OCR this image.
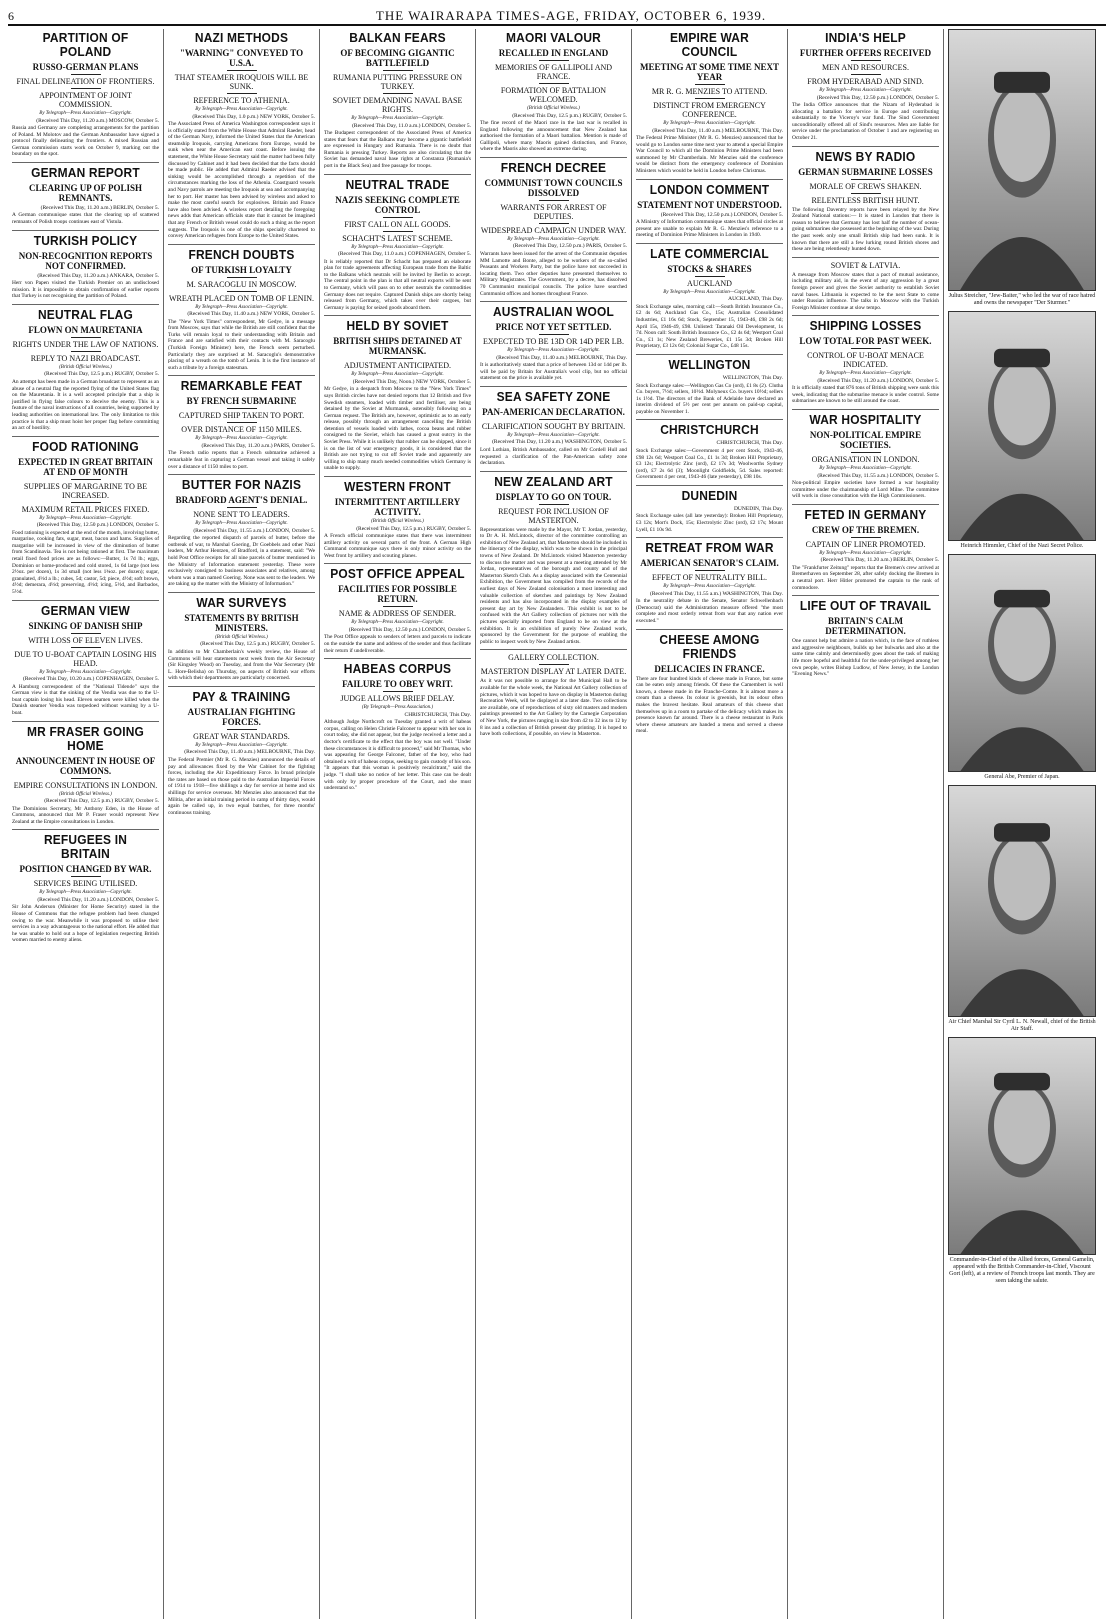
6	THE WAIRARAPA TIMES-AGE, FRIDAY, OCTOBER 6, 1939.
PARTITION OF POLAND
RUSSO-GERMAN PLANS
FINAL DELINEATION OF FRONTIERS.
APPOINTMENT OF JOINT COMMISSION.
By Telegraph—Press Association—Copyright.
(Received This Day, 11.20 a.m.) MOSCOW, October 5.
Russia and Germany are completing arrangements for the partition of Poland. M Molotov and the German Ambassador have signed a protocol finally delineating the frontiers. A mixed Russian and German commission starts work on October 9, marking out the boundary on the spot.
GERMAN REPORT
CLEARING UP OF POLISH REMNANTS.
(Received This Day, 11.20 a.m.) BERLIN, October 5.
A German communique states that the clearing up of scattered remnants of Polish troops continues east of Vistula.
TURKISH POLICY
NON-RECOGNITION REPORTS NOT CONFIRMED.
(Received This Day, 11.20 a.m.) ANKARA, October 5.
Herr von Papen visited the Turkish Premier on an undisclosed mission. It is impossible to obtain confirmation of earlier reports that Turkey is not recognising the partition of Poland.
NEUTRAL FLAG
FLOWN ON MAURETANIA
RIGHTS UNDER THE LAW OF NATIONS.
REPLY TO NAZI BROADCAST.
(British Official Wireless.)
(Received This Day, 12.5 p.m.) RUGBY, October 5.
An attempt has been made in a German broadcast to represent as an abuse of a neutral flag the reported flying of the United States flag on the Mauretania. It is a well accepted principle that a ship is justified in flying false colours to deceive the enemy. This is a feature of the naval instructions of all countries, being supported by leading authorities on international law. The only limitation to this practice is that a ship must hoist her proper flag before committing an act of hostility.
FOOD RATIONING
EXPECTED IN GREAT BRITAIN AT END OF MONTH
SUPPLIES OF MARGARINE TO BE INCREASED.
MAXIMUM RETAIL PRICES FIXED.
By Telegraph—Press Association—Copyright.
(Received This Day, 12.50 p.m.) LONDON, October 5.
Food rationing is expected at the end of the month, involving butter, margarine, cooking fats, sugar, meat, bacon and hams. Supplies of margarine will be increased in view of the diminution of butter from Scandinavia. Tea is not being rationed at first. The maximum retail fixed food prices are as follows:—Butter, 1s 7d lb.; eggs, Dominion or home-produced and cold stored, 1s 6d large (not less 2½oz. per dozen), 1s 3d small (not less 1¾oz. per dozen); sugar, granulated, 4½d a lb.; cubes, 5d; castor, 5d; piece, 4½d; soft brown, 4½d; demerara, 4½d; preserving, 4½d; icing, 5½d, and Barbados, 5½d.
GERMAN VIEW
SINKING OF DANISH SHIP
WITH LOSS OF ELEVEN LIVES.
DUE TO U-BOAT CAPTAIN LOSING HIS HEAD.
By Telegraph—Press Association—Copyright.
(Received This Day, 10.20 a.m.) COPENHAGEN, October 5.
A Hamburg correspondent of the "National Tidende" says the German view is that the sinking of the Vendia was due to the U-boat captain losing his head. Eleven seamen were killed when the Danish steamer Vendia was torpedoed without warning by a U-boat.
MR FRASER GOING HOME
ANNOUNCEMENT IN HOUSE OF COMMONS.
EMPIRE CONSULTATIONS IN LONDON.
(British Official Wireless.)
(Received This Day, 12.5 p.m.) RUGBY, October 5.
The Dominions Secretary, Mr Anthony Eden, in the House of Commons, announced that Mr P. Fraser would represent New Zealand at the Empire consultations in London.
REFUGEES IN BRITAIN
POSITION CHANGED BY WAR.
SERVICES BEING UTILISED.
By Telegraph—Press Association—Copyright.
(Received This Day, 11.20 a.m.) LONDON, October 5.
Sir John Anderson (Minister for Home Security) stated in the House of Commons that the refugee problem had been changed owing to the war. Meanwhile it was proposed to utilise their services in a way advantageous to the national effort. He added that he was unable to hold out a hope of legislation respecting British women married to enemy aliens.
NAZI METHODS
"WARNING" CONVEYED TO U.S.A.
THAT STEAMER IROQUOIS WILL BE SUNK.
REFERENCE TO ATHENIA.
By Telegraph—Press Association—Copyright.
(Received This Day, 1.0 p.m.) NEW YORK, October 5.
The Associated Press of America Washington correspondent says it is officially stated from the White House that Admiral Raeder, head of the German Navy, informed the United States that the American steamship Iroquois, carrying Americans from Europe, would be sunk when near the American east coast. Before issuing the statement, the White House Secretary said the matter had been fully discussed by Cabinet and it had been decided that the facts should be made public. He added that Admiral Raeder advised that the sinking would be accomplished through a repetition of the circumstances marking the loss of the Athenia. Coastguard vessels and Navy patrols are meeting the Iroquois at sea and accompanying her to port. Her master has been advised by wireless and asked to make the most careful search for explosives. Britain and France have also been advised. A wireless report detailing the foregoing news adds that American officials state that it cannot be imagined that any French or British vessel could do such a thing as the report suggests. The Iroquois is one of the ships specially chartered to convey American refugees from Europe to the United States.
FRENCH DOUBTS
OF TURKISH LOYALTY
M. SARACOGLU IN MOSCOW.
WREATH PLACED ON TOMB OF LENIN.
By Telegraph—Press Association—Copyright.
(Received This Day, 11.40 a.m.) NEW YORK, October 5.
The "New York Times" correspondent, Mr Gedye, in a message from Moscow, says that while the British are still confident that the Turks will remain loyal to their understanding with Britain and France and are satisfied with their contacts with M. Saracoglu (Turkish Foreign Minister) here, the French seem perturbed. Particularly they are surprised at M. Saracoglu's demonstrative placing of a wreath on the tomb of Lenin. It is the first instance of such a tribute by a foreign statesman.
REMARKABLE FEAT
BY FRENCH SUBMARINE
CAPTURED SHIP TAKEN TO PORT.
OVER DISTANCE OF 1150 MILES.
By Telegraph—Press Association—Copyright.
(Received This Day, 11.20 a.m.) PARIS, October 5.
The French radio reports that a French submarine achieved a remarkable feat in capturing a German vessel and taking it safely over a distance of 1150 miles to port.
BUTTER FOR NAZIS
BRADFORD AGENT'S DENIAL.
NONE SENT TO LEADERS.
By Telegraph—Press Association—Copyright.
(Received This Day, 11.55 a.m.) LONDON, October 5.
Regarding the reported dispatch of parcels of butter, before the outbreak of war, to Marshal Goering, Dr Goebbels and other Nazi leaders, Mr Arthur Hentzen, of Bradford, in a statement, said: "We hold Post Office receipts for all nine parcels of butter mentioned in the Ministry of Information statement yesterday. These were exclusively consigned to business associates and relatives, among whom was a man named Goering. None was sent to the leaders. We are taking up the matter with the Ministry of Information."
WAR SURVEYS
STATEMENTS BY BRITISH MINISTERS.
(British Official Wireless.)
(Received This Day, 12.5 p.m.) RUGBY, October 5.
In addition to Mr Chamberlain's weekly review, the House of Commons will hear statements next week from the Air Secretary (Sir Kingsley Wood) on Tuesday, and from the War Secretary (Mr L. Hore-Belisha) on Thursday, on aspects of British war efforts with which their departments are particularly concerned.
PAY & TRAINING
AUSTRALIAN FIGHTING FORCES.
GREAT WAR STANDARDS.
By Telegraph—Press Association—Copyright.
(Received This Day, 11.40 a.m.) MELBOURNE, This Day.
The Federal Premier (Mr R. G. Menzies) announced the details of pay and allowances fixed by the War Cabinet for the fighting forces, including the Air Expeditionary Force. In broad principle the rates are based on those paid to the Australian Imperial Forces of 1914 to 1918—five shillings a day for service at home and six shillings for service overseas. Mr Menzies also announced that the Militia, after an initial training period in camp of thirty days, would again be called up, in two equal batches, for three months' continuous training.
BALKAN FEARS
OF BECOMING GIGANTIC BATTLEFIELD
RUMANIA PUTTING PRESSURE ON TURKEY.
SOVIET DEMANDING NAVAL BASE RIGHTS.
By Telegraph—Press Association—Copyright.
(Received This Day, 11.0 a.m.) LONDON, October 5.
The Budapest correspondent of the Associated Press of America states that fears that the Balkans may become a gigantic battlefield are expressed in Hungary and Rumania. There is no doubt that Rumania is pressing Turkey. Reports are also circulating that the Soviet has demanded naval base rights at Constanza (Rumania's port in the Black Sea) and free passage for troops.
NEUTRAL TRADE
NAZIS SEEKING COMPLETE CONTROL
FIRST CALL ON ALL GOODS.
SCHACHT'S LATEST SCHEME.
By Telegraph—Press Association—Copyright.
(Received This Day, 11.0 a.m.) COPENHAGEN, October 5.
It is reliably reported that Dr Schacht has prepared an elaborate plan for trade agreements affecting European trade from the Baltic to the Balkans which neutrals will be invited by Berlin to accept. The central point in the plan is that all neutral exports will be sent to Germany, which will pass on to other neutrals the commodities Germany does not require. Captured Danish ships are shortly being released from Germany, which takes over their cargoes, but Germany is paying for seized goods aboard them.
HELD BY SOVIET
BRITISH SHIPS DETAINED AT MURMANSK.
ADJUSTMENT ANTICIPATED.
By Telegraph—Press Association—Copyright.
(Received This Day, Noon.) NEW YORK, October 5.
Mr Gedye, in a despatch from Moscow to the "New York Times" says British circles have not denied reports that 12 British and five Swedish steamers, loaded with timber and fertiliser, are being detained by the Soviet at Murmansk, ostensibly following on a German request. The British are, however, optimistic as to an early release, possibly through an arrangement cancelling the British detention of vessels loaded with lathes, cocoa beans and rubber consigned to the Soviet, which has caused a great outcry in the Soviet Press. While it is unlikely that rubber can be shipped, since it is on the list of war emergency goods, it is considered that the British are not trying to cut off Soviet trade and apparently are willing to ship many much needed commodities which Germany is unable to supply.
WESTERN FRONT
INTERMITTENT ARTILLERY ACTIVITY.
(British Official Wireless.)
(Received This Day, 12.5 p.m.) RUGBY, October 5.
A French official communique states that there was intermittent artillery activity on several parts of the front. A German High Command communique says there is only minor activity on the West front by artillery and scouting planes.
POST OFFICE APPEAL
FACILITIES FOR POSSIBLE RETURN.
NAME & ADDRESS OF SENDER.
By Telegraph—Press Association—Copyright.
(Received This Day, 12.50 p.m.) LONDON, October 5.
The Post Office appeals to senders of letters and parcels to indicate on the outside the name and address of the sender and thus facilitate their return if undeliverable.
HABEAS CORPUS
FAILURE TO OBEY WRIT.
JUDGE ALLOWS BRIEF DELAY.
(By Telegraph—Press Association.)
CHRISTCHURCH, This Day.
Although Judge Northcroft on Tuesday granted a writ of habeas corpus, calling on Helen Christie Falconer to appear with her son in court today, she did not appear, but the judge received a letter and a doctor's certificate to the effect that the boy was not well. "Under these circumstances it is difficult to proceed," said Mr Thomas, who was appearing for George Falconer, father of the boy, who had obtained a writ of habeas corpus, seeking to gain custody of his son. "It appears that this woman is positively recalcitrant," said the judge. "I shall take no notice of her letter. This case can be dealt with only by proper procedure of the Court, and she must understand so."
MAORI VALOUR
RECALLED IN ENGLAND
MEMORIES OF GALLIPOLI AND FRANCE.
FORMATION OF BATTALION WELCOMED.
(British Official Wireless.)
(Received This Day, 12.5 p.m.) RUGBY, October 5.
The fine record of the Maori race in the last war is recalled in England following the announcement that New Zealand has authorised the formation of a Maori battalion. Mention is made of Gallipoli, where many Maoris gained distinction, and France, where the Maoris also showed an extreme daring.
FRENCH DECREE
COMMUNIST TOWN COUNCILS DISSOLVED
WARRANTS FOR ARREST OF DEPUTIES.
WIDESPREAD CAMPAIGN UNDER WAY.
By Telegraph—Press Association—Copyright.
(Received This Day, 12.50 p.m.) PARIS, October 5.
Warrants have been issued for the arrest of the Communist deputies MM Lamotte and Bonte, alleged to be workers of the so-called Peasants and Workers Party, but the police have not succeeded in locating them. Two other deputies have presented themselves to Military Magistrates. The Government, by a decree, has dissolved 70 Communist municipal councils. The police have searched Communist offices and homes throughout France.
AUSTRALIAN WOOL
PRICE NOT YET SETTLED.
EXPECTED TO BE 13D OR 14D PER LB.
By Telegraph—Press Association—Copyright.
(Received This Day, 11.40 a.m.) MELBOURNE, This Day.
It is authoritatively stated that a price of between 13d or 14d per lb. will be paid by Britain for Australia's wool clip, but no official statement on the price is available yet.
SEA SAFETY ZONE
PAN-AMERICAN DECLARATION.
CLARIFICATION SOUGHT BY BRITAIN.
By Telegraph—Press Association—Copyright.
(Received This Day, 11.20 a.m.) WASHINGTON, October 5.
Lord Lothian, British Ambassador, called on Mr Cordell Hull and requested a clarification of the Pan-American safety zone declaration.
NEW ZEALAND ART
DISPLAY TO GO ON TOUR.
REQUEST FOR INCLUSION OF MASTERTON.
Representations were made by the Mayor, Mr T. Jordan, yesterday, to Dr A. H. McLintock, director of the committee controlling an exhibition of New Zealand art, that Masterton should be included in the itinerary of the display, which was to be shown in the principal towns of New Zealand. Dr McLintock visited Masterton yesterday to discuss the matter and was present at a meeting attended by Mr Jordan, representatives of the borough and county and of the Masterton Sketch Club. As a display associated with the Centennial Exhibition, the Government has compiled from the records of the earliest days of New Zealand colonisation a most interesting and valuable collection of sketches and paintings by New Zealand residents and has also incorporated in the display examples of present day art by New Zealanders. This exhibit is not to be confused with the Art Gallery collection of pictures nor with the pictures specially imported from England to be on view at the exhibition. It is an exhibition of purely New Zealand work, sponsored by the Government for the purpose of enabling the public to inspect work by New Zealand artists.
GALLERY COLLECTION.
MASTERTON DISPLAY AT LATER DATE.
As it was not possible to arrange for the Municipal Hall to be available for the whole week, the National Art Gallery collection of pictures, which it was hoped to have on display in Masterton during Recreation Week, will be displayed at a later date. Two collections are available, one of reproductions of sixty old masters and modern paintings presented to the Art Gallery by the Carnegie Corporation of New York, the pictures ranging in size from 42 to 32 ins to 12 by 8 ins and a collection of British present day printing. It is hoped to have both collections, if possible, on view in Masterton.
EMPIRE WAR COUNCIL
MEETING AT SOME TIME NEXT YEAR
MR R. G. MENZIES TO ATTEND.
DISTINCT FROM EMERGENCY CONFERENCE.
By Telegraph—Press Association—Copyright.
(Received This Day, 11.40 a.m.) MELBOURNE, This Day.
The Federal Prime Minister (Mr R. G. Menzies) announced that he would go to London some time next year to attend a special Empire War Council to which all the Dominion Prime Ministers had been summoned by Mr Chamberlain. Mr Menzies said the conference would be distinct from the emergency conference of Dominion Ministers which would be held in London before Christmas.
LONDON COMMENT
STATEMENT NOT UNDERSTOOD.
(Received This Day, 12.50 p.m.) LONDON, October 5.
A Ministry of Information communique states that official circles at present are unable to explain Mr R. G. Menzies's reference to a meeting of Dominion Prime Ministers in London in 1940.
LATE COMMERCIAL
STOCKS & SHARES
AUCKLAND
By Telegraph—Press Association—Copyright.
AUCKLAND, This Day.
Stock Exchange sales, morning call:—South British Insurance Co., £2 4s 6d; Auckland Gas Co., 15s; Australian Consolidated Industries, £1 16s 6d; Stock, September 15, 1943-46, £98 2s 6d; April 15s, 1946-49, £98. Unlisted: Taranaki Oil Development, 1s 7d. Noon call: South British Insurance Co., £2 4s 6d; Westport Coal Co., £1 1s; New Zealand Breweries, £1 15s 3d; Broken Hill Proprietary, £3 12s 6d; Colonial Sugar Co., £48 15s.
WELLINGTON
WELLINGTON, This Day.
Stock Exchange sales:—Wellington Gas Co (ord), £1 8s (2). Clutha Co. buyers, 7½d; sellers, 10½d. Molyneux Co. buyers 10½d; sellers 1s 1½d. The directors of the Bank of Adelaide have declared an interim dividend of 5½ per cent per annum on paid-up capital, payable on November 1.
CHRISTCHURCH
CHRISTCHURCH, This Day.
Stock Exchange sales:—Government 4 per cent Stock, 1943-46, £98 12s 6d; Westport Coal Co., £1 1s 3d; Broken Hill Proprietary, £3 12s; Electrolytic Zinc (ord), £2 17s 3d; Woolworths Sydney (ord), £7 2s 6d (3); Moonlight Goldfields, 5d. Sales reported: Government 4 per cent, 1943-46 (late yesterday), £98 10s.
DUNEDIN
DUNEDIN, This Day.
Stock Exchange sales (all late yesterday): Broken Hill Proprietary, £3 12s; Mort's Dock, 15s; Electrolytic Zinc (ord), £2 17s; Mount Lyell, £1 10s 9d.
RETREAT FROM WAR
AMERICAN SENATOR'S CLAIM.
EFFECT OF NEUTRALITY BILL.
By Telegraph—Press Association—Copyright.
(Received This Day, 11.55 a.m.) WASHINGTON, This Day.
In the neutrality debate in the Senate, Senator Schwellenbach (Democrat) said the Administration measure offered "the most complete and most orderly retreat from war that any nation ever executed."
CHEESE AMONG FRIENDS
DELICACIES IN FRANCE.
There are four hundred kinds of cheese made in France, but some can be eaten only among friends. Of these the Camembert is well known, a cheese made in the Franche-Comte. It is almost more a cream than a cheese. Its colour is greenish, but its odour often makes the bravest hesitate. Real amateurs of this cheese shut themselves up in a room to partake of the delicacy which makes its presence known far around. There is a cheese restaurant in Paris where cheese amateurs are handed a menu and served a cheese meal.
INDIA'S HELP
FURTHER OFFERS RECEIVED
MEN AND RESOURCES.
FROM HYDERABAD AND SIND.
By Telegraph—Press Association—Copyright.
(Received This Day, 12.50 p.m.) LONDON, October 5.
The India Office announces that the Nizam of Hyderabad is allocating a battalion for service in Europe and contributing substantially to the Viceroy's war fund. The Sind Government unconditionally offered all of Sind's resources. Men are liable for service under the proclamation of October 1 and are registering on October 21.
NEWS BY RADIO
GERMAN SUBMARINE LOSSES
MORALE OF CREWS SHAKEN.
RELENTLESS BRITISH HUNT.
The following Daventry reports have been relayed by the New Zealand National stations:— It is stated in London that there is reason to believe that Germany has lost half the number of ocean-going submarines she possessed at the beginning of the war. During the past week only one small British ship had been sunk. It is known that there are still a few lurking round British shores and these are being relentlessly hunted down.
SOVIET & LATVIA.
A message from Moscow states that a pact of mutual assistance, including military aid, in the event of any aggression by a great foreign power and gives the Soviet authority to establish Soviet naval bases. Lithuania is expected to be the next State to come under Russian influence. The talks in Moscow with the Turkish Foreign Minister continue at slow tempo.
SHIPPING LOSSES
LOW TOTAL FOR PAST WEEK.
CONTROL OF U-BOAT MENACE INDICATED.
By Telegraph—Press Association—Copyright.
(Received This Day, 11.20 a.m.) LONDON, October 5.
It is officially stated that 876 tons of British shipping were sunk this week, indicating that the submarine menace is under control. Some submarines are known to be still around the coast.
WAR HOSPITALITY
NON-POLITICAL EMPIRE SOCIETIES.
ORGANISATION IN LONDON.
By Telegraph—Press Association—Copyright.
(Received This Day, 11.55 a.m.) LONDON, October 5.
Non-political Empire societies have formed a war hospitality committee under the chairmanship of Lord Milne. The committee will work in close consultation with the High Commissioners.
FETED IN GERMANY
CREW OF THE BREMEN.
CAPTAIN OF LINER PROMOTED.
By Telegraph—Press Association—Copyright.
(Received This Day, 11.20 a.m.) BERLIN, October 5.
The "Frankfurter Zeitung" reports that the Bremen's crew arrived at Bremerhaven on September 28, after safely docking the Bremen in a neutral port. Herr Hitler promoted the captain to the rank of commodore.
LIFE OUT OF TRAVAIL
BRITAIN'S CALM DETERMINATION.
One cannot help but admire a nation which, in the face of ruthless and aggressive neighbours, builds up her bulwarks and also at the same time calmly and determinedly goes about the task of making life more hopeful and healthful for the under-privileged among her own people, writes Bishop Ludlow, of New Jersey, in the London "Evening News."
Julius Streicher, "Jew-Baiter," who led the war of race hatred and owns the newspaper "Der Sturmer."
Heinrich Himmler, Chief of the Nazi Secret Police.
General Abe, Premier of Japan.
Air Chief Marshal Sir Cyril L. N. Newall, chief of the British Air Staff.
Commander-in-Chief of the Allied forces, General Gamelin, appeared with the British Commander-in-Chief, Viscount Gort (left), at a review of French troops last month. They are seen taking the salute.
